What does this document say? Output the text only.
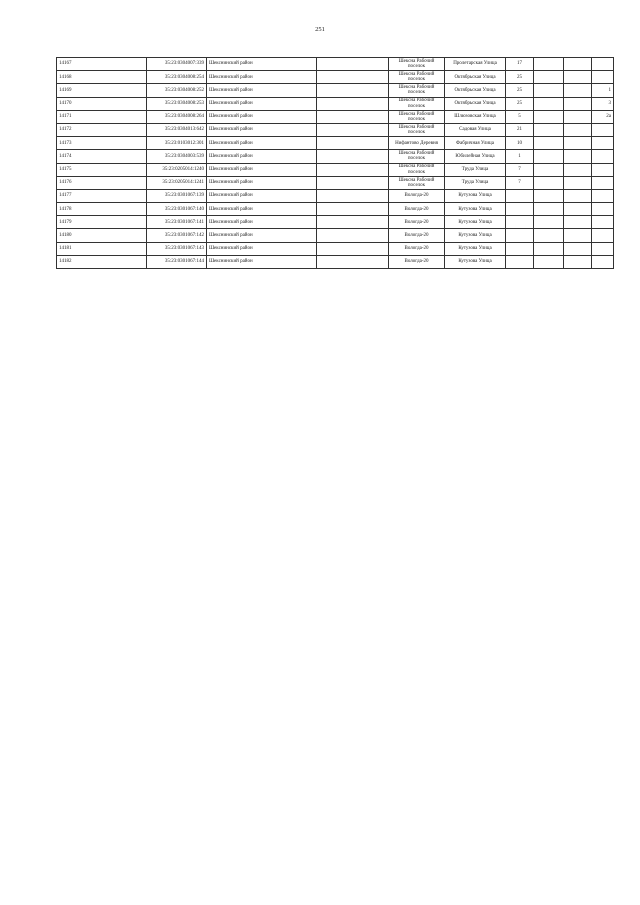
251
14167	35:23:0304007:339	Шекснинский район		Шексна Рабочий поселок	Пролетарская Улица	17			
14168	35:23:0304008:254	Шекснинский район		Шексна Рабочий поселок	Октябрьская Улица	25			
14169	35:23:0304008:252	Шекснинский район		Шексна Рабочий поселок	Октябрьская Улица	25			1
14170	35:23:0304008:253	Шекснинский район		Шексна Рабочий поселок	Октябрьская Улица	25			3
14171	35:23:0304008:264	Шекснинский район		Шексна Рабочий поселок	Шлюзовская Улица	5			2а
14172	35:23:0304013:642	Шекснинский район		Шексна Рабочий поселок	Садовая Улица	21			
14173	35:23:0103012:301	Шекснинский район		Нифантово Деревня	Фабричная Улица	10			
14174	35:23:0304003:539	Шекснинский район		Шексна Рабочий поселок	Юбилейная Улица	1			
14175	35:23:0205014:1240	Шекснинский район		Шексна Рабочий поселок	Труда Улица	7			
14176	35:23:0205014:1241	Шекснинский район		Шексна Рабочий поселок	Труда Улица	7			
14177	35:23:0301067:139	Шекснинский район		Вологда-20	Кутузова Улица				
14178	35:23:0301067:140	Шекснинский район		Вологда-20	Кутузова Улица				
14179	35:23:0301067:141	Шекснинский район		Вологда-20	Кутузова Улица				
14180	35:23:0301067:142	Шекснинский район		Вологда-20	Кутузова Улица				
14181	35:23:0301067:143	Шекснинский район		Вологда-20	Кутузова Улица				
14182	35:23:0301067:144	Шекснинский район		Вологда-20	Кутузова Улица				
